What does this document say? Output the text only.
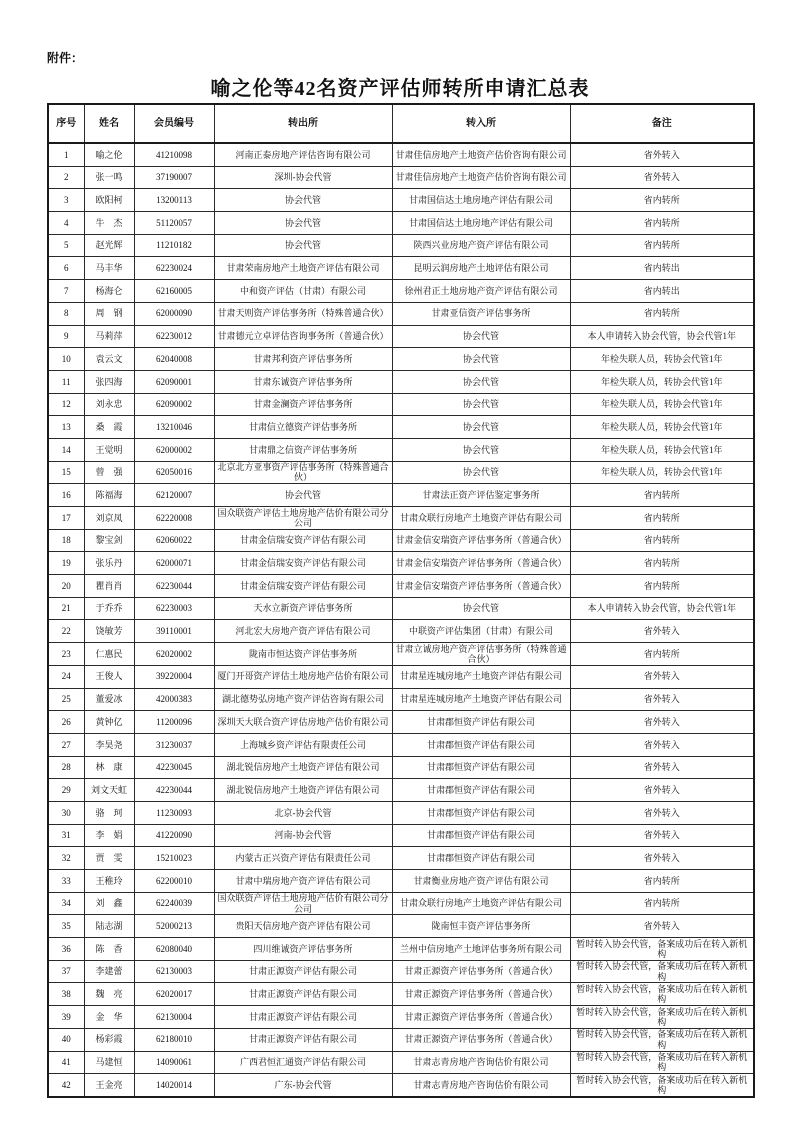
附件：
喻之伦等42名资产评估师转所申请汇总表
序号	姓名	会员编号	转出所	转入所	备注
1	喻之伦	41210098	河南正泰房地产评估咨询有限公司	甘肃佳信房地产土地资产估价咨询有限公司	省外转入
2	张一鸣	37190007	深圳-协会代管	甘肃佳信房地产土地资产估价咨询有限公司	省外转入
3	欧阳柯	13200113	协会代管	甘肃国信达土地房地产评估有限公司	省内转所
4	牛　杰	51120057	协会代管	甘肃国信达土地房地产评估有限公司	省内转所
5	赵光辉	11210182	协会代管	陕西兴业房地产资产评估有限公司	省内转所
6	马丰华	62230024	甘肃荣南房地产土地资产评估有限公司	昆明云润房地产土地评估有限公司	省内转出
7	杨海仑	62160005	中和资产评估（甘肃）有限公司	徐州君正土地房地产资产评估有限公司	省内转出
8	周　钢	62000090	甘肃天则资产评估事务所（特殊普通合伙）	甘肃亚信资产评估事务所	省内转所
9	马莉萍	62230012	甘肃德元立卓评估咨询事务所（普通合伙）	协会代管	本人申请转入协会代管，协会代管1年
10	袁云文	62040008	甘肃邦利资产评估事务所	协会代管	年检失联人员，转协会代管1年
11	张四海	62090001	甘肃东诚资产评估事务所	协会代管	年检失联人员，转协会代管1年
12	刘永忠	62090002	甘肃金澜资产评估事务所	协会代管	年检失联人员，转协会代管1年
13	桑　霞	13210046	甘肃信立德资产评估事务所	协会代管	年检失联人员，转协会代管1年
14	王觉明	62000002	甘肃鼎之信资产评估事务所	协会代管	年检失联人员，转协会代管1年
15	曾　强	62050016	北京北方亚事资产评估事务所（特殊普通合伙）	协会代管	年检失联人员，转协会代管1年
16	陈福海	62120007	协会代管	甘肃法正资产评估鉴定事务所	省内转所
17	刘京凤	62220008	国众联资产评估土地房地产估价有限公司分公司	甘肃众联行房地产土地资产评估有限公司	省内转所
18	黎宝剑	62060022	甘肃金信瑞安资产评估有限公司	甘肃金信安瑞资产评估事务所（普通合伙）	省内转所
19	张乐丹	62000071	甘肃金信瑞安资产评估有限公司	甘肃金信安瑞资产评估事务所（普通合伙）	省内转所
20	瞿肖肖	62230044	甘肃金信瑞安资产评估有限公司	甘肃金信安瑞资产评估事务所（普通合伙）	省内转所
21	于乔乔	62230003	天水立新资产评估事务所	协会代管	本人申请转入协会代管，协会代管1年
22	饶敏芳	39110001	河北宏大房地产资产评估有限公司	中联资产评估集团（甘肃）有限公司	省外转入
23	仁惠民	62020002	陇南市恒达资产评估事务所	甘肃立诚房地产资产评估事务所（特殊普通合伙）	省内转所
24	王俊人	39220004	厦门开哥资产评估土地房地产估价有限公司	甘肃星连城房地产土地资产评估有限公司	省外转入
25	董爱冰	42000383	湖北德势弘房地产资产评估咨询有限公司	甘肃星连城房地产土地资产评估有限公司	省外转入
26	黄钟亿	11200096	深圳天大联合资产评估房地产估价有限公司	甘肃郡恒资产评估有限公司	省外转入
27	李昊尧	31230037	上海城乡资产评估有限责任公司	甘肃郡恒资产评估有限公司	省外转入
28	林　康	42230045	湖北锐信房地产土地资产评估有限公司	甘肃郡恒资产评估有限公司	省外转入
29	刘文天虹	42230044	湖北锐信房地产土地资产评估有限公司	甘肃郡恒资产评估有限公司	省外转入
30	骆　珂	11230093	北京-协会代管	甘肃郡恒资产评估有限公司	省外转入
31	李　娟	41220090	河南-协会代管	甘肃郡恒资产评估有限公司	省外转入
32	贾　雯	15210023	内蒙古正兴资产评估有限责任公司	甘肃郡恒资产评估有限公司	省外转入
33	王稚玲	62200010	甘肃中瑞房地产资产评估有限公司	甘肃衡业房地产资产评估有限公司	省内转所
34	刘　鑫	62240039	国众联资产评估土地房地产估价有限公司分公司	甘肃众联行房地产土地资产评估有限公司	省内转所
35	陆志湖	52000213	贵阳天信房地产资产评估有限公司	陇南恒丰资产评估事务所	省外转入
36	陈　香	62080040	四川维诚资产评估事务所	兰州中信房地产土地评估事务所有限公司	暂时转入协会代管，备案成功后在转入新机构
37	李建蕾	62130003	甘肃正源资产评估有限公司	甘肃正源资产评估事务所（普通合伙）	暂时转入协会代管，备案成功后在转入新机构
38	魏　亮	62020017	甘肃正源资产评估有限公司	甘肃正源资产评估事务所（普通合伙）	暂时转入协会代管，备案成功后在转入新机构
39	金　华	62130004	甘肃正源资产评估有限公司	甘肃正源资产评估事务所（普通合伙）	暂时转入协会代管，备案成功后在转入新机构
40	杨彩霞	62180010	甘肃正源资产评估有限公司	甘肃正源资产评估事务所（普通合伙）	暂时转入协会代管，备案成功后在转入新机构
41	马建恒	14090061	广西君恒汇通资产评估有限公司	甘肃志青房地产咨询估价有限公司	暂时转入协会代管，备案成功后在转入新机构
42	王金亮	14020014	广东-协会代管	甘肃志青房地产咨询估价有限公司	暂时转入协会代管，备案成功后在转入新机构
